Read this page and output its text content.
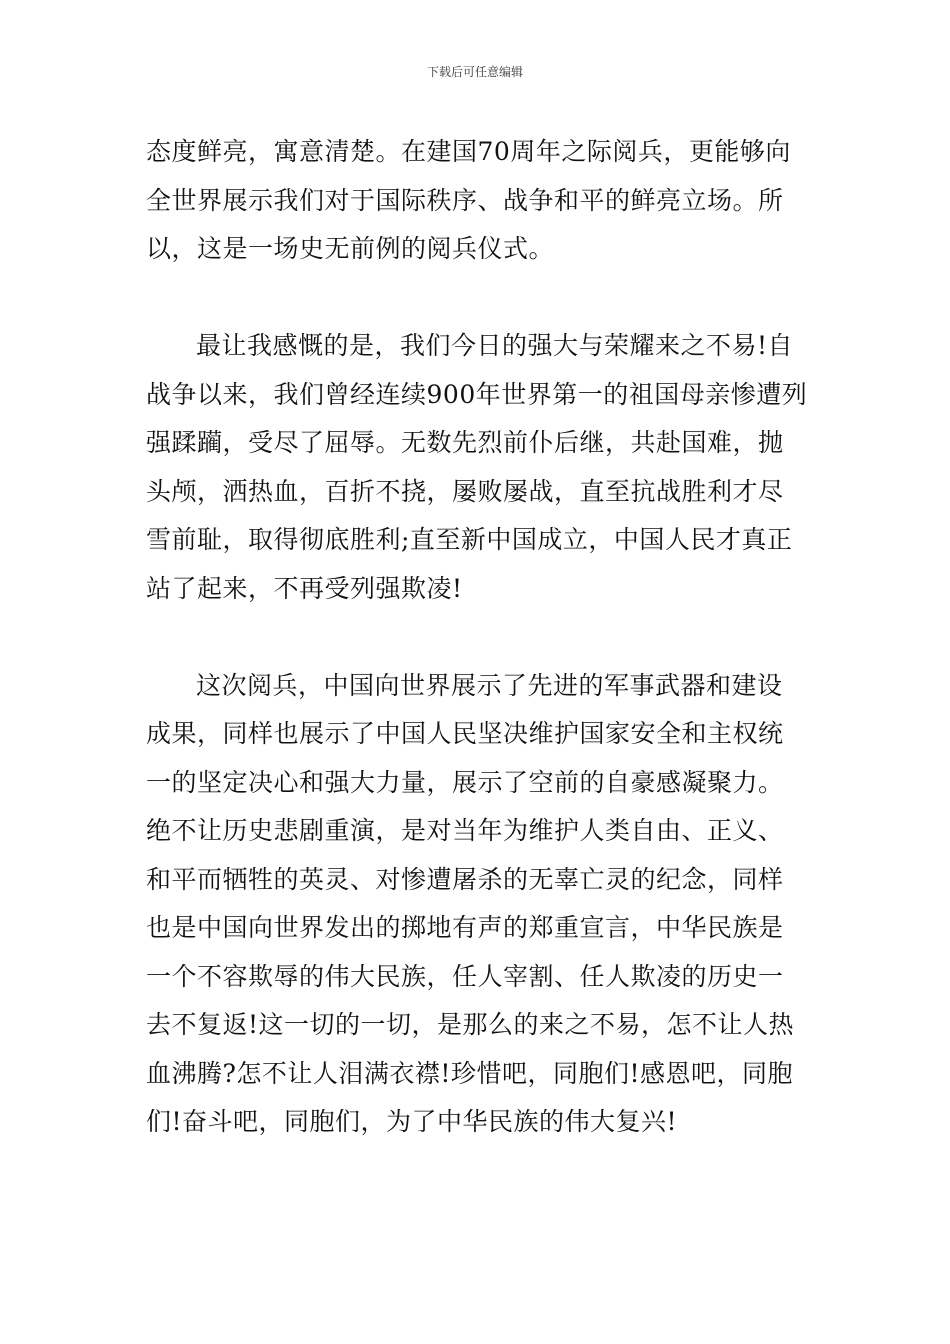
下载后可任意编辑
态度鲜亮，寓意清楚。在建国70周年之际阅兵，更能够向
全世界展示我们对于国际秩序、战争和平的鲜亮立场。所
以，这是一场史无前例的阅兵仪式。
最让我感慨的是，我们今日的强大与荣耀来之不易!自
战争以来，我们曾经连续900年世界第一的祖国母亲惨遭列
强蹂躏，受尽了屈辱。无数先烈前仆后继，共赴国难，抛
头颅，洒热血，百折不挠，屡败屡战，直至抗战胜利才尽
雪前耻，取得彻底胜利;直至新中国成立，中国人民才真正
站了起来，不再受列强欺凌!
这次阅兵，中国向世界展示了先进的军事武器和建设
成果，同样也展示了中国人民坚决维护国家安全和主权统
一的坚定决心和强大力量，展示了空前的自豪感凝聚力。
绝不让历史悲剧重演，是对当年为维护人类自由、正义、
和平而牺牲的英灵、对惨遭屠杀的无辜亡灵的纪念，同样
也是中国向世界发出的掷地有声的郑重宣言，中华民族是
一个不容欺辱的伟大民族，任人宰割、任人欺凌的历史一
去不复返!这一切的一切，是那么的来之不易，怎不让人热
血沸腾?怎不让人泪满衣襟!珍惜吧，同胞们!感恩吧，同胞
们!奋斗吧，同胞们，为了中华民族的伟大复兴!
